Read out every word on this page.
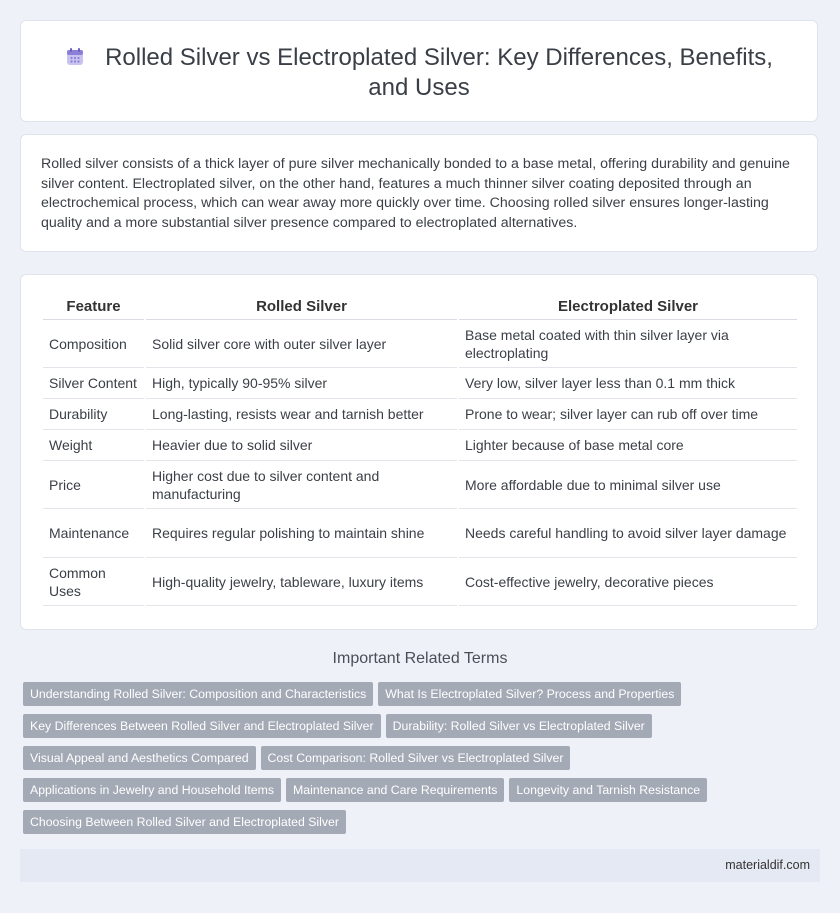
Rolled Silver vs Electroplated Silver: Key Differences, Benefits, and Uses

Rolled silver consists of a thick layer of pure silver mechanically bonded to a base metal, offering durability and genuine silver content. Electroplated silver, on the other hand, features a much thinner silver coating deposited through an electrochemical process, which can wear away more quickly over time. Choosing rolled silver ensures longer-lasting quality and a more substantial silver presence compared to electroplated alternatives.

Feature	Rolled Silver	Electroplated Silver
Composition	Solid silver core with outer silver layer	Base metal coated with thin silver layer via electroplating
Silver Content	High, typically 90-95% silver	Very low, silver layer less than 0.1 mm thick
Durability	Long-lasting, resists wear and tarnish better	Prone to wear; silver layer can rub off over time
Weight	Heavier due to solid silver	Lighter because of base metal core
Price	Higher cost due to silver content and manufacturing	More affordable due to minimal silver use
Maintenance	Requires regular polishing to maintain shine	Needs careful handling to avoid silver layer damage
Common Uses	High-quality jewelry, tableware, luxury items	Cost-effective jewelry, decorative pieces
Important Related Terms
Understanding Rolled Silver: Composition and Characteristics What Is Electroplated Silver? Process and Properties
Key Differences Between Rolled Silver and Electroplated Silver Durability: Rolled Silver vs Electroplated Silver
Visual Appeal and Aesthetics Compared Cost Comparison: Rolled Silver vs Electroplated Silver
Applications in Jewelry and Household Items Maintenance and Care Requirements Longevity and Tarnish Resistance
Choosing Between Rolled Silver and Electroplated Silver
materialdif.com
